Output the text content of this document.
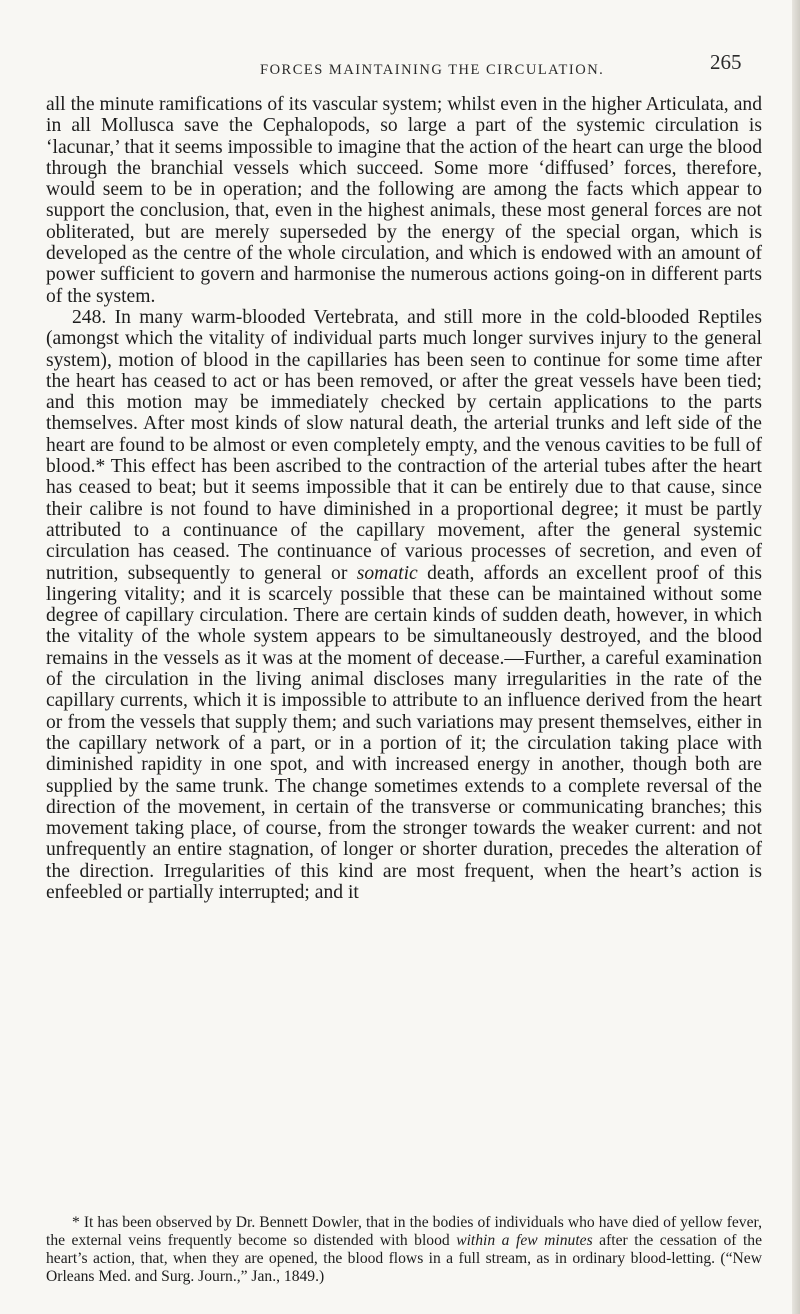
FORCES MAINTAINING THE CIRCULATION.	265

all the minute ramifications of its vascular system; whilst even in the higher Articulata, and in all Mollusca save the Cephalopods, so large a part of the systemic circulation is ‘lacunar,’ that it seems impossible to imagine that the action of the heart can urge the blood through the branchial vessels which succeed. Some more ‘diffused’ forces, therefore, would seem to be in operation; and the following are among the facts which appear to support the conclusion, that, even in the highest animals, these most general forces are not obliterated, but are merely superseded by the energy of the special organ, which is developed as the centre of the whole circulation, and which is endowed with an amount of power sufficient to govern and harmonise the numerous actions going-on in different parts of the system.

248. In many warm-blooded Vertebrata, and still more in the cold-blooded Reptiles (amongst which the vitality of individual parts much longer survives injury to the general system), motion of blood in the capillaries has been seen to continue for some time after the heart has ceased to act or has been removed, or after the great vessels have been tied; and this motion may be immediately checked by certain applications to the parts themselves. After most kinds of slow natural death, the arterial trunks and left side of the heart are found to be almost or even completely empty, and the venous cavities to be full of blood.* This effect has been ascribed to the contraction of the arterial tubes after the heart has ceased to beat; but it seems impossible that it can be entirely due to that cause, since their calibre is not found to have diminished in a proportional degree; it must be partly attributed to a continuance of the capillary movement, after the general systemic circulation has ceased. The continuance of various processes of secretion, and even of nutrition, subsequently to general or somatic death, affords an excellent proof of this lingering vitality; and it is scarcely possible that these can be maintained without some degree of capillary circulation. There are certain kinds of sudden death, however, in which the vitality of the whole system appears to be simultaneously destroyed, and the blood remains in the vessels as it was at the moment of decease.—Further, a careful examination of the circulation in the living animal discloses many irregularities in the rate of the capillary currents, which it is impossible to attribute to an influence derived from the heart or from the vessels that supply them; and such variations may present themselves, either in the capillary network of a part, or in a portion of it; the circulation taking place with diminished rapidity in one spot, and with increased energy in another, though both are supplied by the same trunk. The change sometimes extends to a complete reversal of the direction of the movement, in certain of the transverse or communicating branches; this movement taking place, of course, from the stronger towards the weaker current: and not unfrequently an entire stagnation, of longer or shorter duration, precedes the alteration of the direction. Irregularities of this kind are most frequent, when the heart’s action is enfeebled or partially interrupted; and it

* It has been observed by Dr. Bennett Dowler, that in the bodies of individuals who have died of yellow fever, the external veins frequently become so distended with blood within a few minutes after the cessation of the heart’s action, that, when they are opened, the blood flows in a full stream, as in ordinary blood-letting. (“New Orleans Med. and Surg. Journ.,” Jan., 1849.)
